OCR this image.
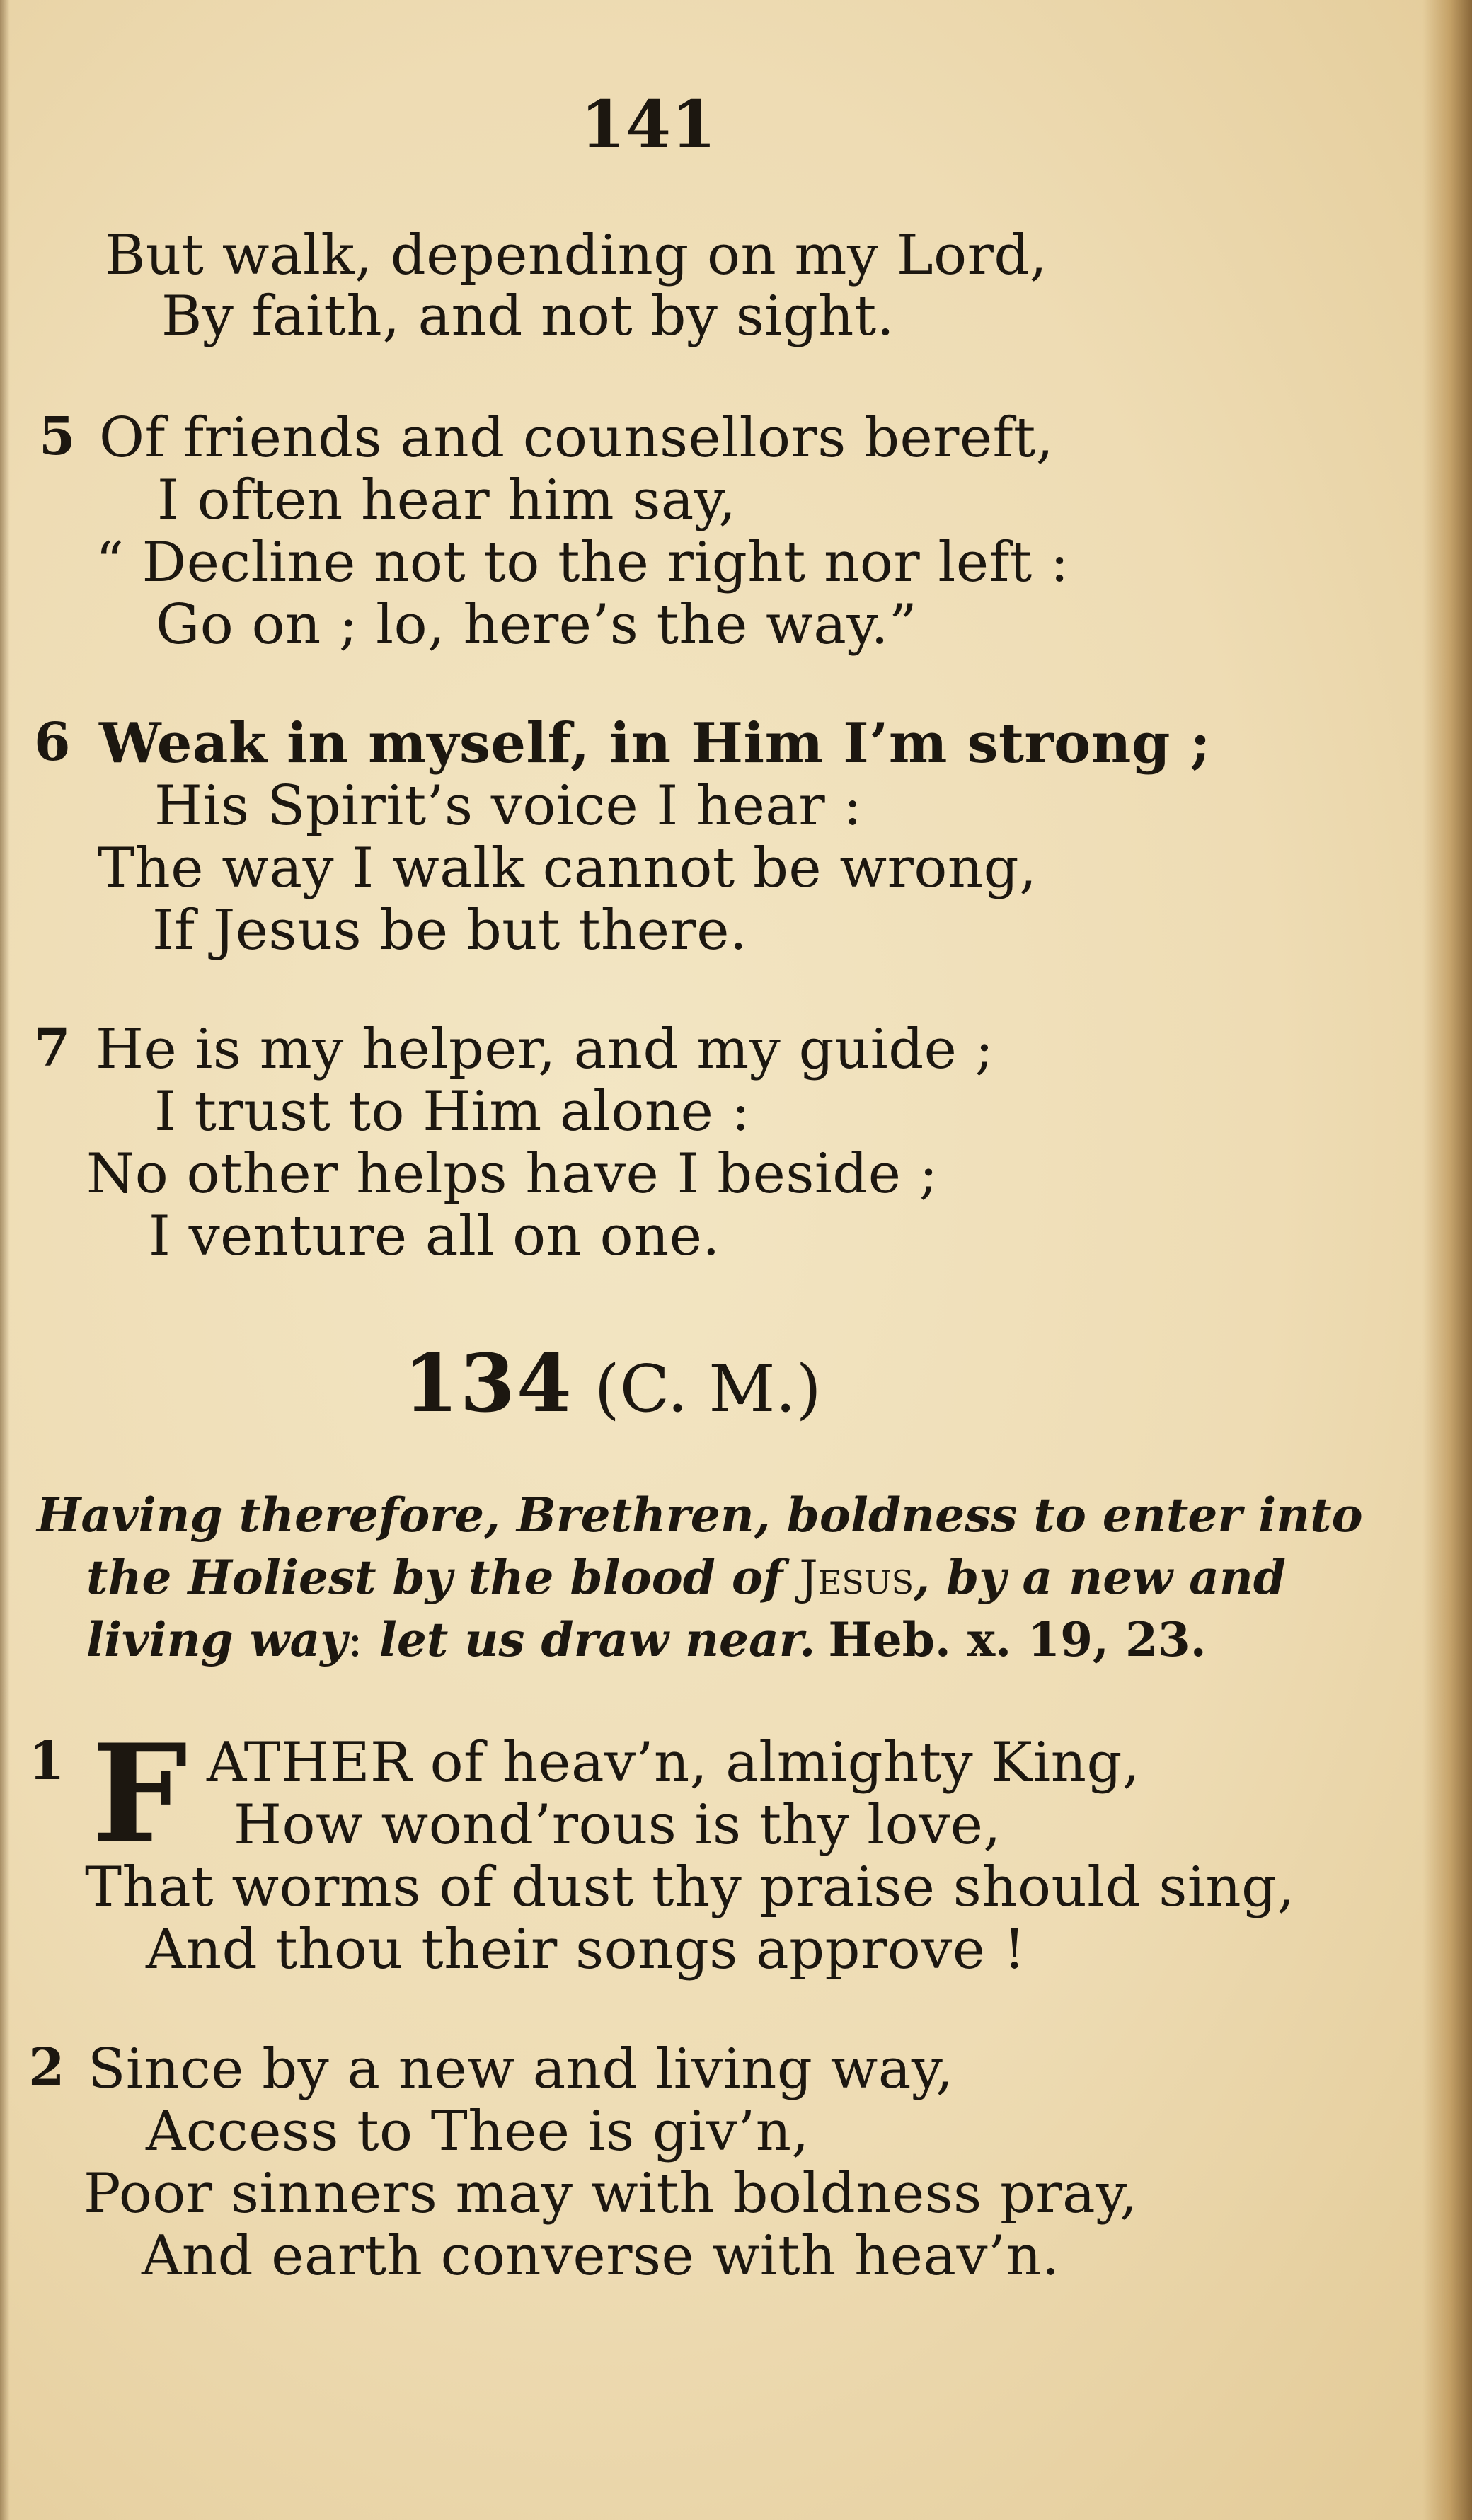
141
But walk, depending on my Lord,
By faith, and not by sight.
5 Of friends and counsellors bereft,
I often hear him say,
“ Decline not to the right nor left :
Go on ; lo, here’s the way.”
6 Weak in myself, in Him I’m strong ;
His Spirit’s voice I hear :
The way I walk cannot be wrong,
If Jesus be but there.
7 He is my helper, and my guide ;
I trust to Him alone :
No other helps have I beside ;
I venture all on one.
134 (C. M.)
Having therefore, Brethren, boldness to enter into
the Holiest by the blood of Jesus, by a new and
living way: let us draw near. Heb. x. 19, 23.
1 F ATHER of heav’n, almighty King,
How wond’rous is thy love,
That worms of dust thy praise should sing,
And thou their songs approve !
2 Since by a new and living way,
Access to Thee is giv’n,
Poor sinners may with boldness pray,
And earth converse with heav’n.
